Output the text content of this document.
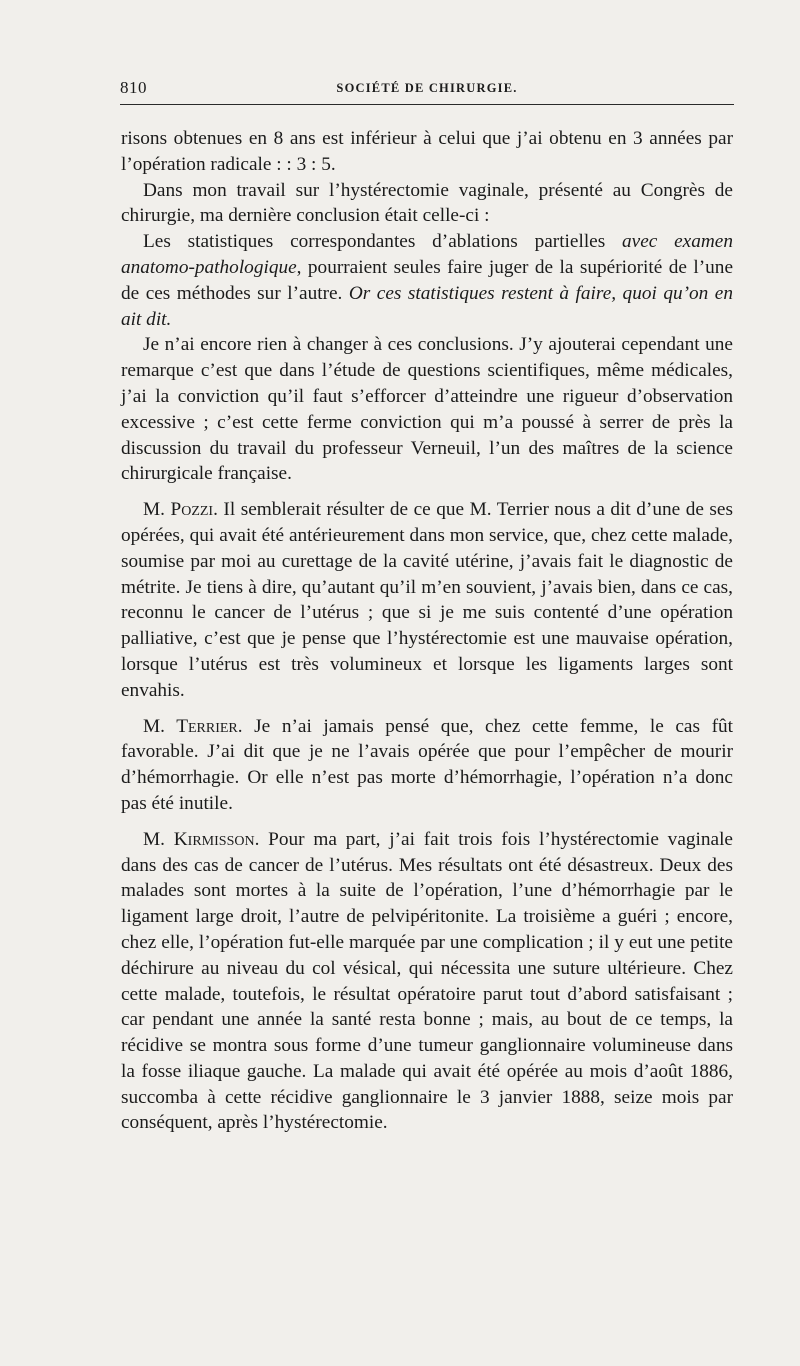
810	SOCIÉTÉ DE CHIRURGIE.

risons obtenues en 8 ans est inférieur à celui que j’ai obtenu en 3 années par l’opération radicale : : 3 : 5.

Dans mon travail sur l’hystérectomie vaginale, présenté au Congrès de chirurgie, ma dernière conclusion était celle-ci :

Les statistiques correspondantes d’ablations partielles avec examen anatomo-pathologique, pourraient seules faire juger de la supériorité de l’une de ces méthodes sur l’autre. Or ces statistiques restent à faire, quoi qu’on en ait dit.

Je n’ai encore rien à changer à ces conclusions. J’y ajouterai cependant une remarque c’est que dans l’étude de questions scientifiques, même médicales, j’ai la conviction qu’il faut s’efforcer d’atteindre une rigueur d’observation excessive ; c’est cette ferme conviction qui m’a poussé à serrer de près la discussion du travail du professeur Verneuil, l’un des maîtres de la science chirurgicale française.

M. Pozzi. Il semblerait résulter de ce que M. Terrier nous a dit d’une de ses opérées, qui avait été antérieurement dans mon service, que, chez cette malade, soumise par moi au curettage de la cavité utérine, j’avais fait le diagnostic de métrite. Je tiens à dire, qu’autant qu’il m’en souvient, j’avais bien, dans ce cas, reconnu le cancer de l’utérus ; que si je me suis contenté d’une opération palliative, c’est que je pense que l’hystérectomie est une mauvaise opération, lorsque l’utérus est très volumineux et lorsque les ligaments larges sont envahis.

M. Terrier. Je n’ai jamais pensé que, chez cette femme, le cas fût favorable. J’ai dit que je ne l’avais opérée que pour l’empêcher de mourir d’hémorrhagie. Or elle n’est pas morte d’hémorrhagie, l’opération n’a donc pas été inutile.

M. Kirmisson. Pour ma part, j’ai fait trois fois l’hystérectomie vaginale dans des cas de cancer de l’utérus. Mes résultats ont été désastreux. Deux des malades sont mortes à la suite de l’opération, l’une d’hémorrhagie par le ligament large droit, l’autre de pelvipéritonite. La troisième a guéri ; encore, chez elle, l’opération fut-elle marquée par une complication ; il y eut une petite déchirure au niveau du col vésical, qui nécessita une suture ultérieure. Chez cette malade, toutefois, le résultat opératoire parut tout d’abord satisfaisant ; car pendant une année la santé resta bonne ; mais, au bout de ce temps, la récidive se montra sous forme d’une tumeur ganglionnaire volumineuse dans la fosse iliaque gauche. La malade qui avait été opérée au mois d’août 1886, succomba à cette récidive ganglionnaire le 3 janvier 1888, seize mois par conséquent, après l’hystérectomie.
